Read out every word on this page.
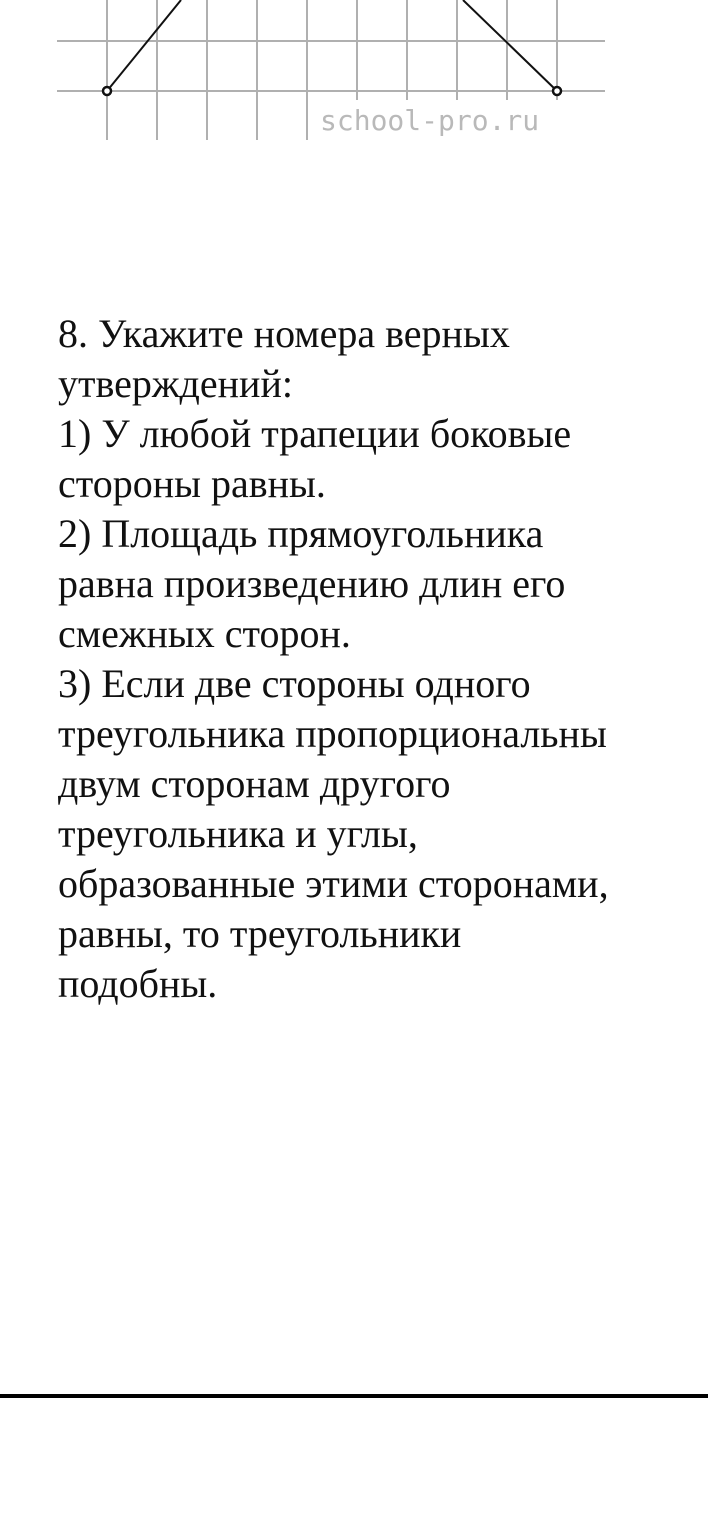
school-pro.ru
8. Укажите номера верных
утверждений:
1) У любой трапеции боковые
стороны равны.
2) Площадь прямоугольника
равна произведению длин его
смежных сторон.
3) Если две стороны одного
треугольника пропорциональны
двум сторонам другого
треугольника и углы,
образованные этими сторонами,
равны, то треугольники
подобны.
